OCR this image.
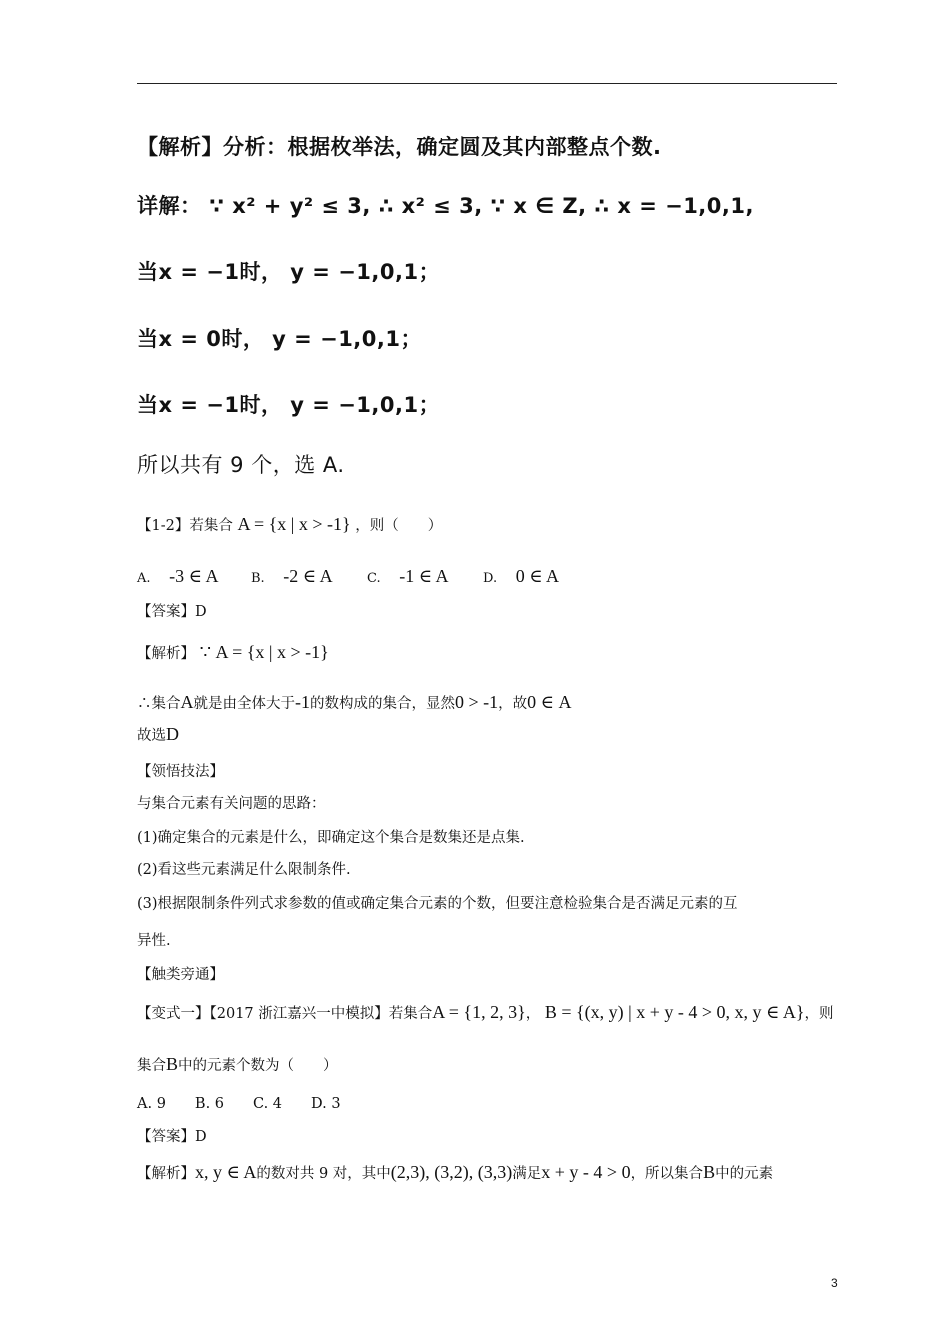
【解析】分析：根据枚举法，确定圆及其内部整点个数.
详解： ∵ x² + y² ≤ 3, ∴ x² ≤ 3, ∵ x ∈ Z, ∴ x = −1,0,1,
当x = −1时， y = −1,0,1；
当x = 0时， y = −1,0,1；
当x = −1时， y = −1,0,1；
所以共有 9 个，选 A.
【1-2】若集合 A = {x | x > -1} ，则（　　）
A. -3 ∈ A	B. -2 ∈ A	C. -1 ∈ A	D. 0 ∈ A
【答案】D
【解析】 ∵ A = {x | x > -1}
∴集合A就是由全体大于-1的数构成的集合，显然0 > -1，故0 ∈ A
故选D
【领悟技法】
与集合元素有关问题的思路：
(1)确定集合的元素是什么，即确定这个集合是数集还是点集.
(2)看这些元素满足什么限制条件.
(3)根据限制条件列式求参数的值或确定集合元素的个数，但要注意检验集合是否满足元素的互
异性.
【触类旁通】
【变式一】【2017 浙江嘉兴一中模拟】若集合A = {1, 2, 3}， B = {(x, y) | x + y - 4 > 0, x, y ∈ A}，则
集合B中的元素个数为（　　）
A. 9　　B. 6　　C. 4　　D. 3
【答案】D
【解析】x, y ∈ A的数对共 9 对，其中(2,3), (3,2), (3,3)满足x + y - 4 > 0，所以集合B中的元素
3
